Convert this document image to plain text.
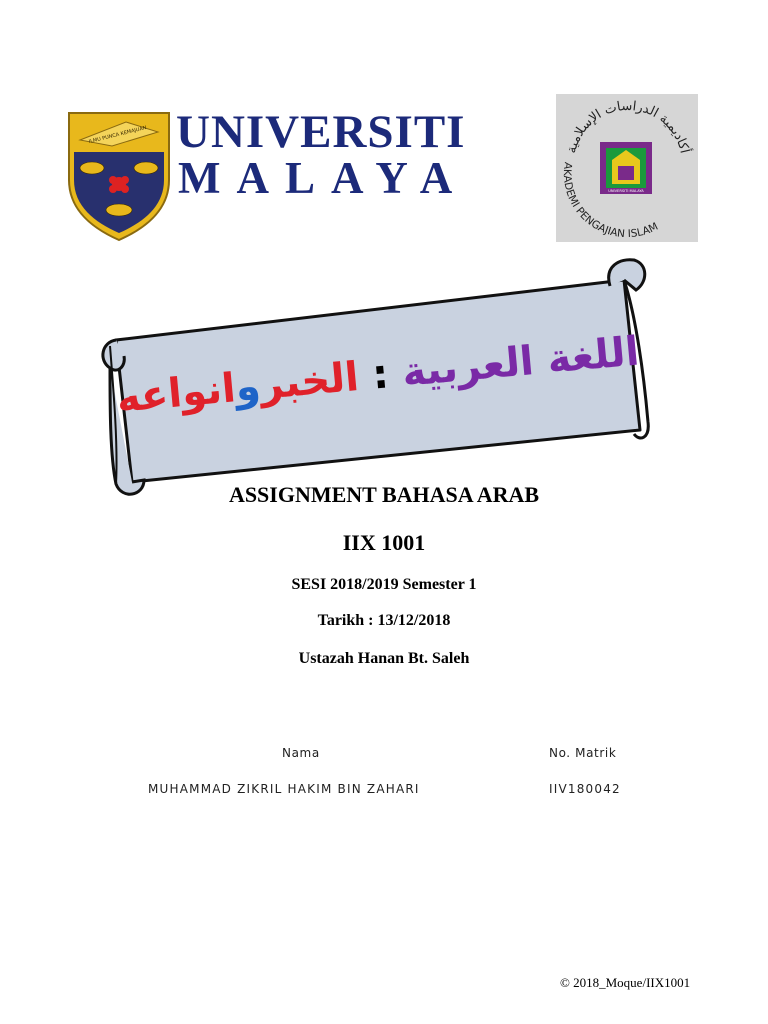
ILMU PUNCA KEMAJUAN UNIVERSITI
MALAYA
أكاديمية الدراسات الإسلامية
AKADEMI PENGAJIAN ISLAM
UNIVERSITI MALAYA
اللغة العربية : الخبروانواعه
ASSIGNMENT BAHASA ARAB
IIX 1001
SESI 2018/2019 Semester 1
Tarikh : 13/12/2018
Ustazah Hanan Bt. Saleh
Nama	No. Matrik
MUHAMMAD ZIKRIL HAKIM BIN ZAHARI	IIV180042
© 2018_Moque/IIX1001
